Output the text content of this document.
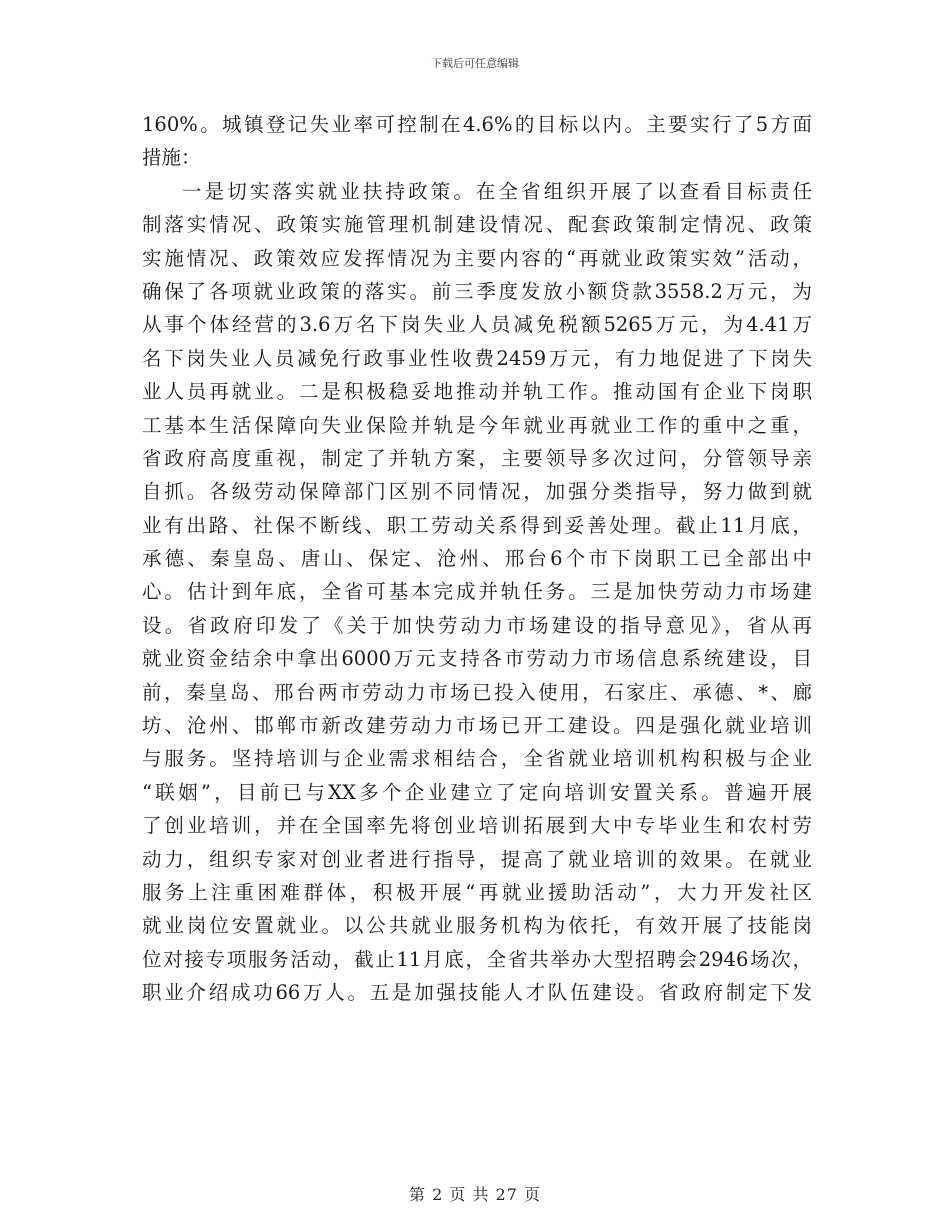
下载后可任意编辑
160%。城镇登记失业率可控制在4.6%的目标以内。主要实行了5方面
措施：
一是切实落实就业扶持政策。在全省组织开展了以查看目标责任
制落实情况、政策实施管理机制建设情况、配套政策制定情况、政策
实施情况、政策效应发挥情况为主要内容的“再就业政策实效”活动，
确保了各项就业政策的落实。前三季度发放小额贷款3558.2万元，为
从事个体经营的3.6万名下岗失业人员减免税额5265万元，为4.41万
名下岗失业人员减免行政事业性收费2459万元，有力地促进了下岗失
业人员再就业。二是积极稳妥地推动并轨工作。推动国有企业下岗职
工基本生活保障向失业保险并轨是今年就业再就业工作的重中之重，
省政府高度重视，制定了并轨方案，主要领导多次过问，分管领导亲
自抓。各级劳动保障部门区别不同情况，加强分类指导，努力做到就
业有出路、社保不断线、职工劳动关系得到妥善处理。截止11月底，
承德、秦皇岛、唐山、保定、沧州、邢台6个市下岗职工已全部出中
心。估计到年底，全省可基本完成并轨任务。三是加快劳动力市场建
设。省政府印发了《关于加快劳动力市场建设的指导意见》，省从再
就业资金结余中拿出6000万元支持各市劳动力市场信息系统建设，目
前，秦皇岛、邢台两市劳动力市场已投入使用，石家庄、承德、*、廊
坊、沧州、邯郸市新改建劳动力市场已开工建设。四是强化就业培训
与服务。坚持培训与企业需求相结合，全省就业培训机构积极与企业
“联姻”，目前已与XX多个企业建立了定向培训安置关系。普遍开展
了创业培训，并在全国率先将创业培训拓展到大中专毕业生和农村劳
动力，组织专家对创业者进行指导，提高了就业培训的效果。在就业
服务上注重困难群体，积极开展“再就业援助活动”，大力开发社区
就业岗位安置就业。以公共就业服务机构为依托，有效开展了技能岗
位对接专项服务活动，截止11月底，全省共举办大型招聘会2946场次，
职业介绍成功66万人。五是加强技能人才队伍建设。省政府制定下发
第 2 页 共 27 页
